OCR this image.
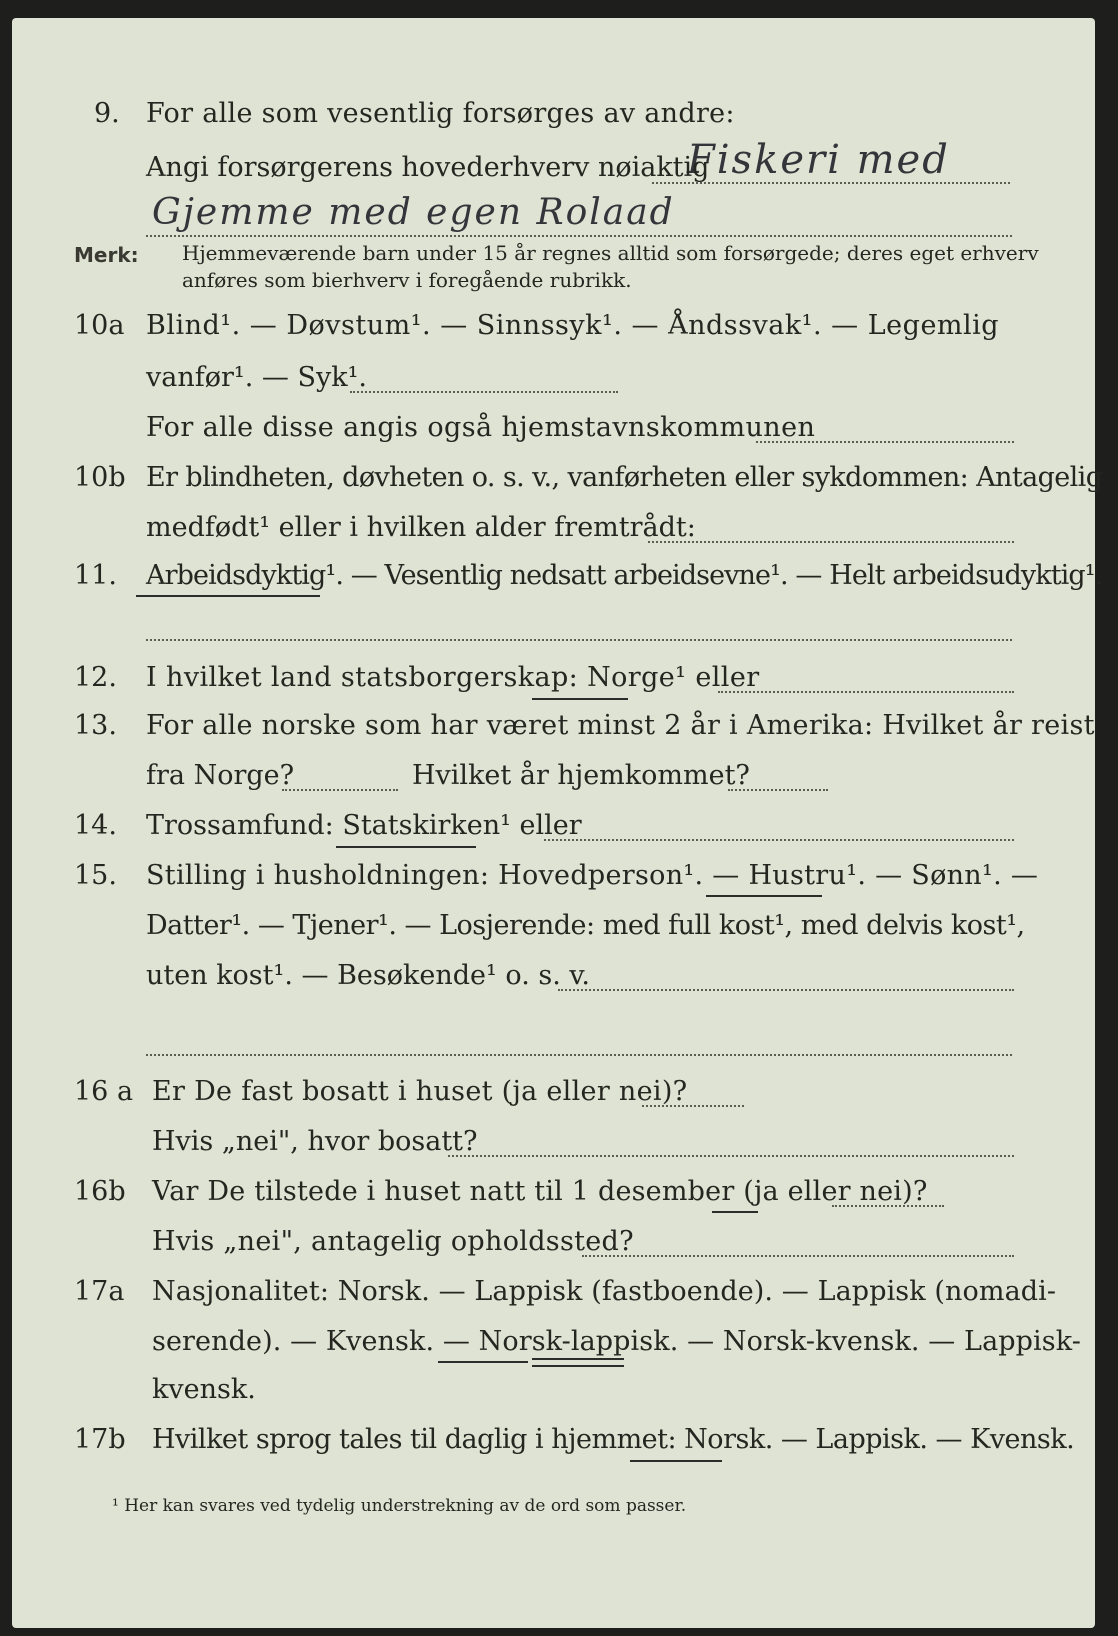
9. For alle som vesentlig forsørges av andre:
Fiskeri med
Angi forsørgerens hovederhverv nøiaktig
Gjemme med egen Rolaad
Merk: Hjemmeværende barn under 15 år regnes alltid som forsørgede; deres eget erhverv
anføres som bierhverv i foregående rubrikk.
10a Blind¹. — Døvstum¹. — Sinnssyk¹. — Åndssvak¹. — Legemlig
vanfør¹. — Syk¹.
For alle disse angis også hjemstavnskommunen
10b Er blindheten, døvheten o. s. v., vanførheten eller sykdommen: Antagelig
medfødt¹ eller i hvilken alder fremtrådt:
11. Arbeidsdyktig¹. — Vesentlig nedsatt arbeidsevne¹. — Helt arbeidsudyktig¹.
12. I hvilket land statsborgerskap: Norge¹ eller
13. For alle norske som har været minst 2 år i Amerika: Hvilket år reist
fra Norge?	Hvilket år hjemkommet?
14. Trossamfund: Statskirken¹ eller
15. Stilling i husholdningen: Hovedperson¹. — Hustru¹. — Sønn¹. —
Datter¹. — Tjener¹. — Losjerende: med full kost¹, med delvis kost¹,
uten kost¹. — Besøkende¹ o. s. v.
16 a Er De fast bosatt i huset (ja eller nei)?
Hvis „nei", hvor bosatt?
16b Var De tilstede i huset natt til 1 desember (ja eller nei)?
Hvis „nei", antagelig opholdssted?
17a Nasjonalitet: Norsk. — Lappisk (fastboende). — Lappisk (nomadi-
serende). — Kvensk. — Norsk-lappisk. — Norsk-kvensk. — Lappisk-
kvensk.
17b Hvilket sprog tales til daglig i hjemmet: Norsk. — Lappisk. — Kvensk.
¹ Her kan svares ved tydelig understrekning av de ord som passer.
